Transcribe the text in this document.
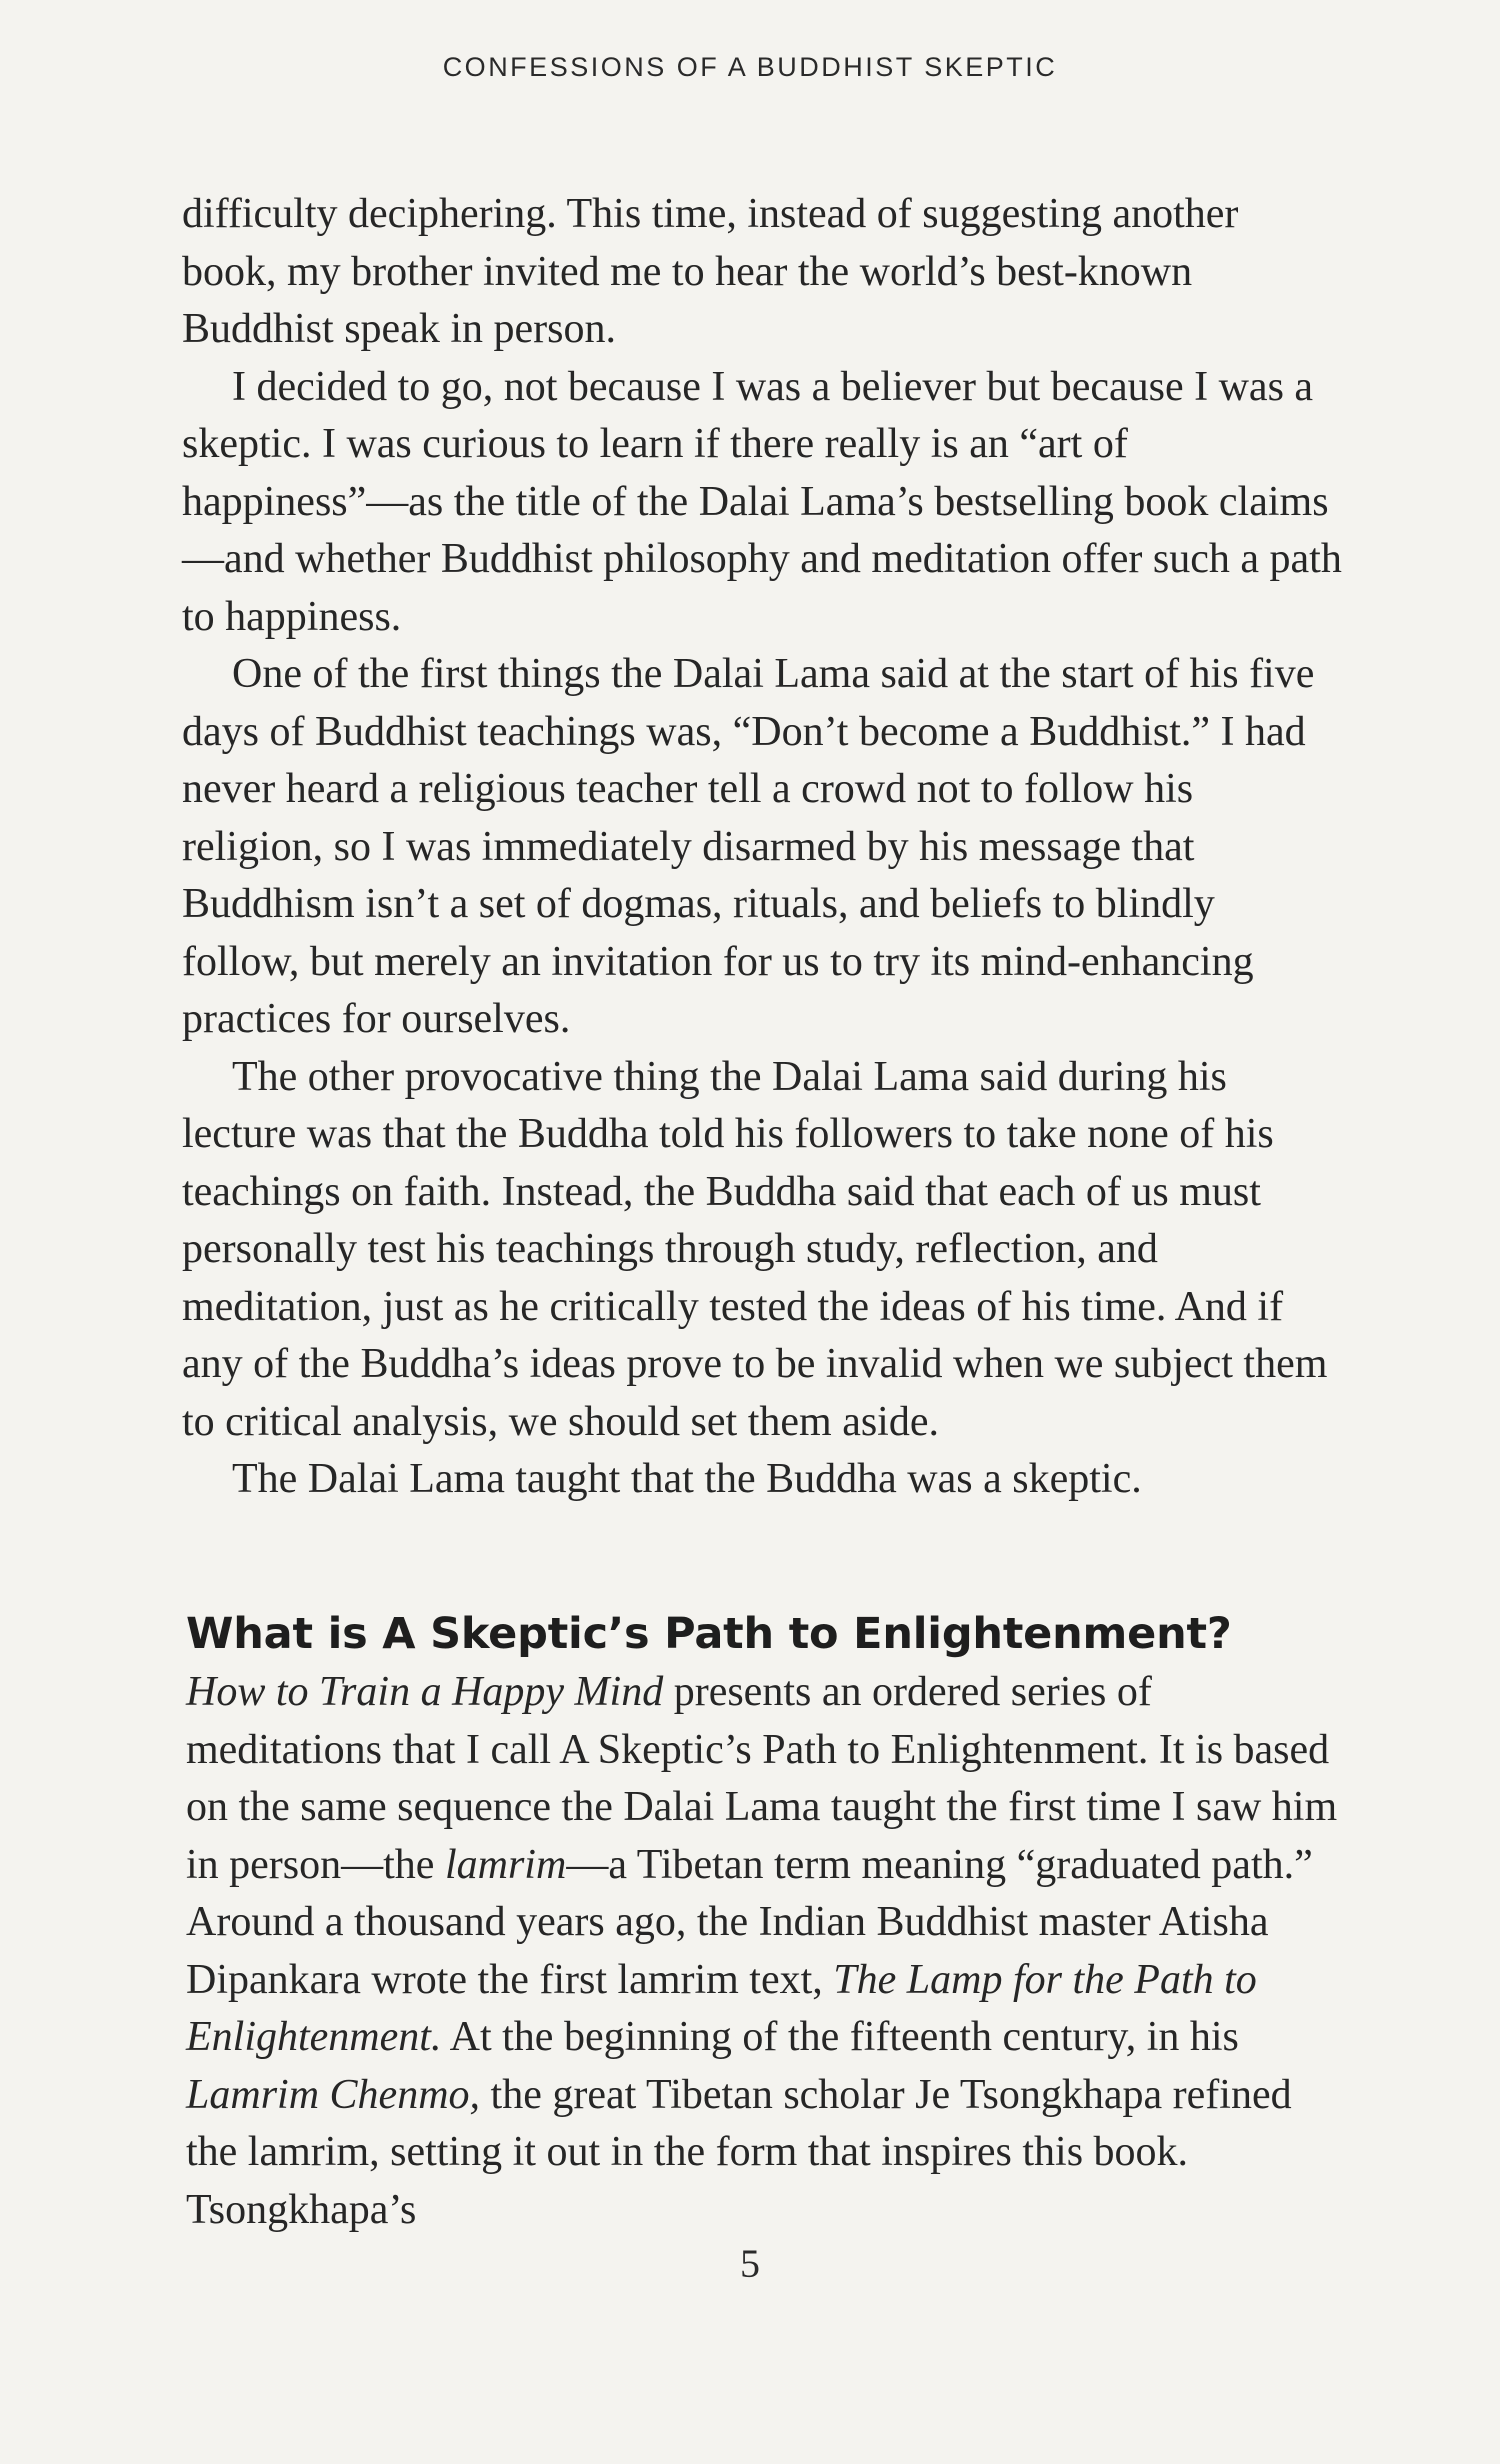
CONFESSIONS OF A BUDDHIST SKEPTIC

difficulty deciphering. This time, instead of suggesting another book, my brother invited me to hear the world’s best-known Buddhist speak in person.

I decided to go, not because I was a believer but because I was a skeptic. I was curious to learn if there really is an “art of happiness”—as the title of the Dalai Lama’s bestselling book claims—and whether Buddhist philosophy and meditation offer such a path to happiness.

One of the first things the Dalai Lama said at the start of his five days of Buddhist teachings was, “Don’t become a Buddhist.” I had never heard a religious teacher tell a crowd not to follow his religion, so I was immediately disarmed by his message that Buddhism isn’t a set of dogmas, rituals, and beliefs to blindly follow, but merely an invitation for us to try its mind-enhancing practices for ourselves.

The other provocative thing the Dalai Lama said during his lecture was that the Buddha told his followers to take none of his teachings on faith. Instead, the Buddha said that each of us must personally test his teachings through study, reflection, and meditation, just as he critically tested the ideas of his time. And if any of the Buddha’s ideas prove to be invalid when we subject them to critical analysis, we should set them aside.

The Dalai Lama taught that the Buddha was a skeptic.

What is A Skeptic’s Path to Enlightenment?

How to Train a Happy Mind presents an ordered series of meditations that I call A Skeptic’s Path to Enlightenment. It is based on the same sequence the Dalai Lama taught the first time I saw him in person—the lamrim—a Tibetan term meaning “graduated path.” Around a thousand years ago, the Indian Buddhist master Atisha Dipankara wrote the first lamrim text, The Lamp for the Path to Enlightenment. At the beginning of the fifteenth century, in his Lamrim Chenmo, the great Tibetan scholar Je Tsongkhapa refined the lamrim, setting it out in the form that inspires this book. Tsongkhapa’s

5
